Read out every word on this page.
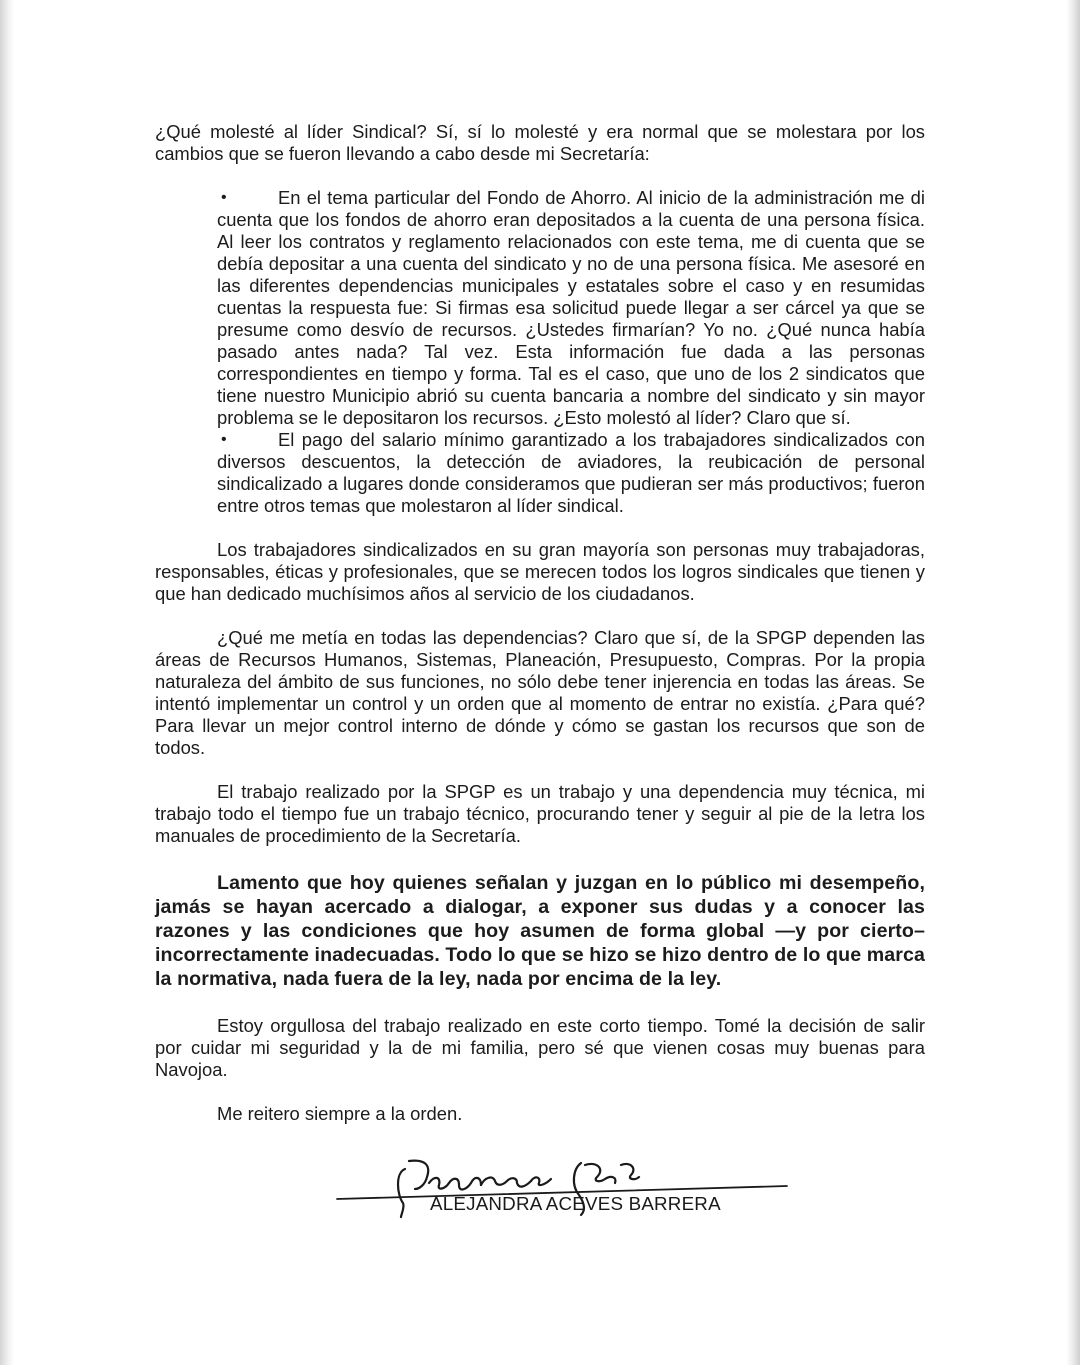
¿Qué molesté al líder Sindical? Sí, sí lo molesté y era normal que se molestara por los cambios que se fueron llevando a cabo desde mi Secretaría:

•	En el tema particular del Fondo de Ahorro. Al inicio de la administración me di cuenta que los fondos de ahorro eran depositados a la cuenta de una persona física. Al leer los contratos y reglamento relacionados con este tema, me di cuenta que se debía depositar a una cuenta del sindicato y no de una persona física. Me asesoré en las diferentes dependencias municipales y estatales sobre el caso y en resumidas cuentas la respuesta fue: Si firmas esa solicitud puede llegar a ser cárcel ya que se presume como desvío de recursos. ¿Ustedes firmarían? Yo no. ¿Qué nunca había pasado antes nada? Tal vez. Esta información fue dada a las personas correspondientes en tiempo y forma. Tal es el caso, que uno de los 2 sindicatos que tiene nuestro Municipio abrió su cuenta bancaria a nombre del sindicato y sin mayor problema se le depositaron los recursos. ¿Esto molestó al líder? Claro que sí.
•	El pago del salario mínimo garantizado a los trabajadores sindicalizados con diversos descuentos, la detección de aviadores, la reubicación de personal sindicalizado a lugares donde consideramos que pudieran ser más productivos; fueron entre otros temas que molestaron al líder sindical.

Los trabajadores sindicalizados en su gran mayoría son personas muy trabajadoras, responsables, éticas y profesionales, que se merecen todos los logros sindicales que tienen y que han dedicado muchísimos años al servicio de los ciudadanos.

¿Qué me metía en todas las dependencias? Claro que sí, de la SPGP dependen las áreas de Recursos Humanos, Sistemas, Planeación, Presupuesto, Compras. Por la propia naturaleza del ámbito de sus funciones, no sólo debe tener injerencia en todas las áreas. Se intentó implementar un control y un orden que al momento de entrar no existía. ¿Para qué? Para llevar un mejor control interno de dónde y cómo se gastan los recursos que son de todos.

El trabajo realizado por la SPGP es un trabajo y una dependencia muy técnica, mi trabajo todo el tiempo fue un trabajo técnico, procurando tener y seguir al pie de la letra los manuales de procedimiento de la Secretaría.

Lamento que hoy quienes señalan y juzgan en lo público mi desempeño, jamás se hayan acercado a dialogar, a exponer sus dudas y a conocer las razones y las condiciones que hoy asumen de forma global —y por cierto– incorrectamente inadecuadas. Todo lo que se hizo se hizo dentro de lo que marca la normativa, nada fuera de la ley, nada por encima de la ley.

Estoy orgullosa del trabajo realizado en este corto tiempo. Tomé la decisión de salir por cuidar mi seguridad y la de mi familia, pero sé que vienen cosas muy buenas para Navojoa.

Me reitero siempre a la orden.

ALEJANDRA ACEVES BARRERA
